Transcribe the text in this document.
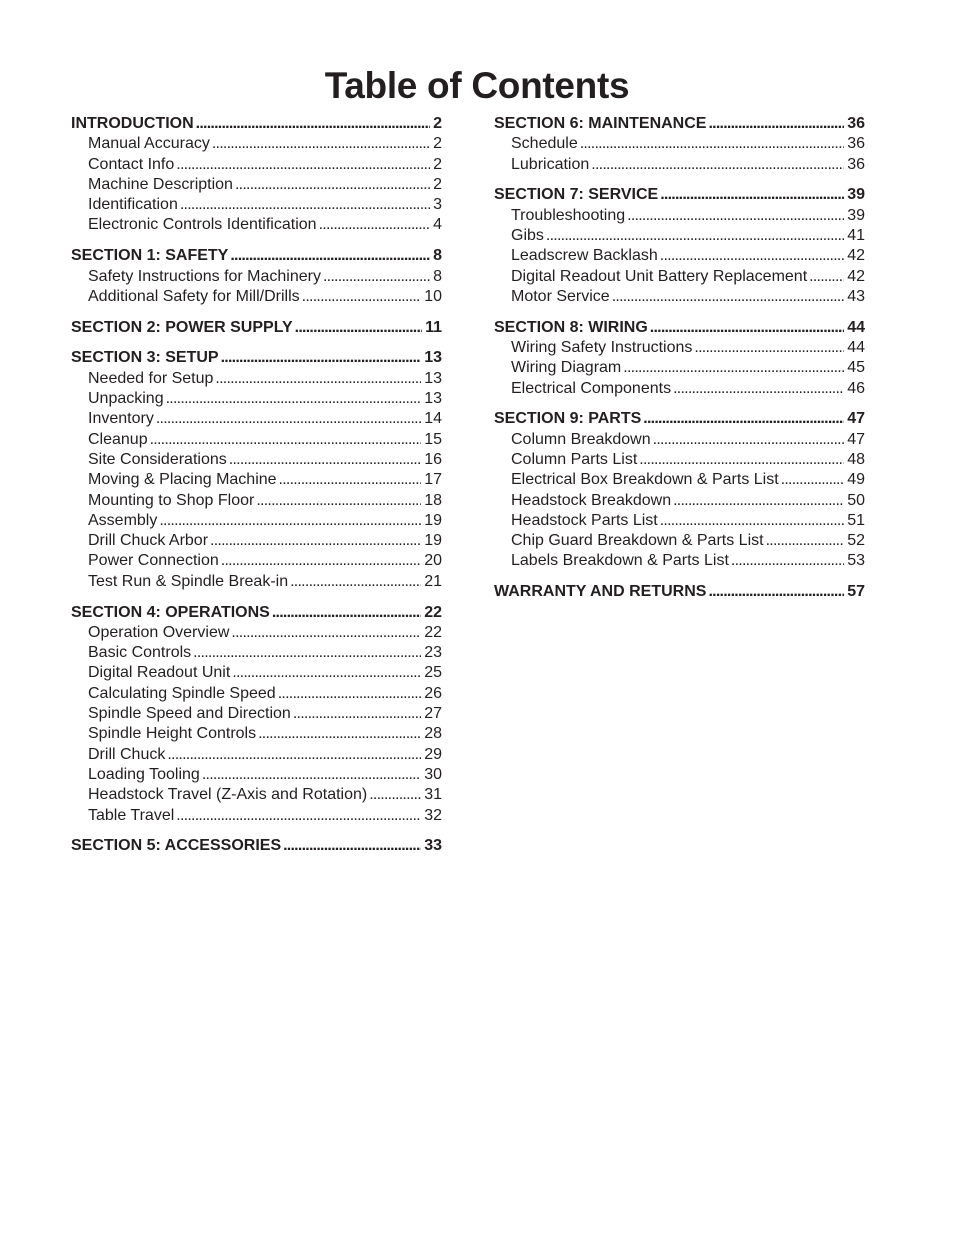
Table of Contents
INTRODUCTION . . .	2
Manual Accuracy . . .	2
Contact Info . . .	2
Machine Description . . .	2
Identification . . .	3
Electronic Controls Identification . . .	4
SECTION 1: SAFETY . . .	8
Safety Instructions for Machinery . . .	8
Additional Safety for Mill/Drills . . .	10
SECTION 2: POWER SUPPLY . . .	11
SECTION 3: SETUP . . .	13
Needed for Setup . . .	13
Unpacking . . .	13
Inventory . . .	14
Cleanup . . .	15
Site Considerations . . .	16
Moving & Placing Machine . . .	17
Mounting to Shop Floor . . .	18
Assembly . . .	19
Drill Chuck Arbor . . .	19
Power Connection . . .	20
Test Run & Spindle Break-in . . .	21
SECTION 4: OPERATIONS . . .	22
Operation Overview . . .	22
Basic Controls . . .	23
Digital Readout Unit . . .	25
Calculating Spindle Speed . . .	26
Spindle Speed and Direction . . .	27
Spindle Height Controls . . .	28
Drill Chuck . . .	29
Loading Tooling . . .	30
Headstock Travel (Z-Axis and Rotation) . . .	31
Table Travel . . .	32
SECTION 5: ACCESSORIES . . .	33
SECTION 6: MAINTENANCE . . .	36
Schedule . . .	36
Lubrication . . .	36
SECTION 7: SERVICE . . .	39
Troubleshooting . . .	39
Gibs . . .	41
Leadscrew Backlash . . .	42
Digital Readout Unit Battery Replacement . . .	42
Motor Service . . .	43
SECTION 8: WIRING . . .	44
Wiring Safety Instructions . . .	44
Wiring Diagram . . .	45
Electrical Components . . .	46
SECTION 9: PARTS . . .	47
Column Breakdown . . .	47
Column Parts List . . .	48
Electrical Box Breakdown & Parts List . . .	49
Headstock Breakdown . . .	50
Headstock Parts List . . .	51
Chip Guard Breakdown & Parts List . . .	52
Labels Breakdown & Parts List . . .	53
WARRANTY AND RETURNS . . .	57
